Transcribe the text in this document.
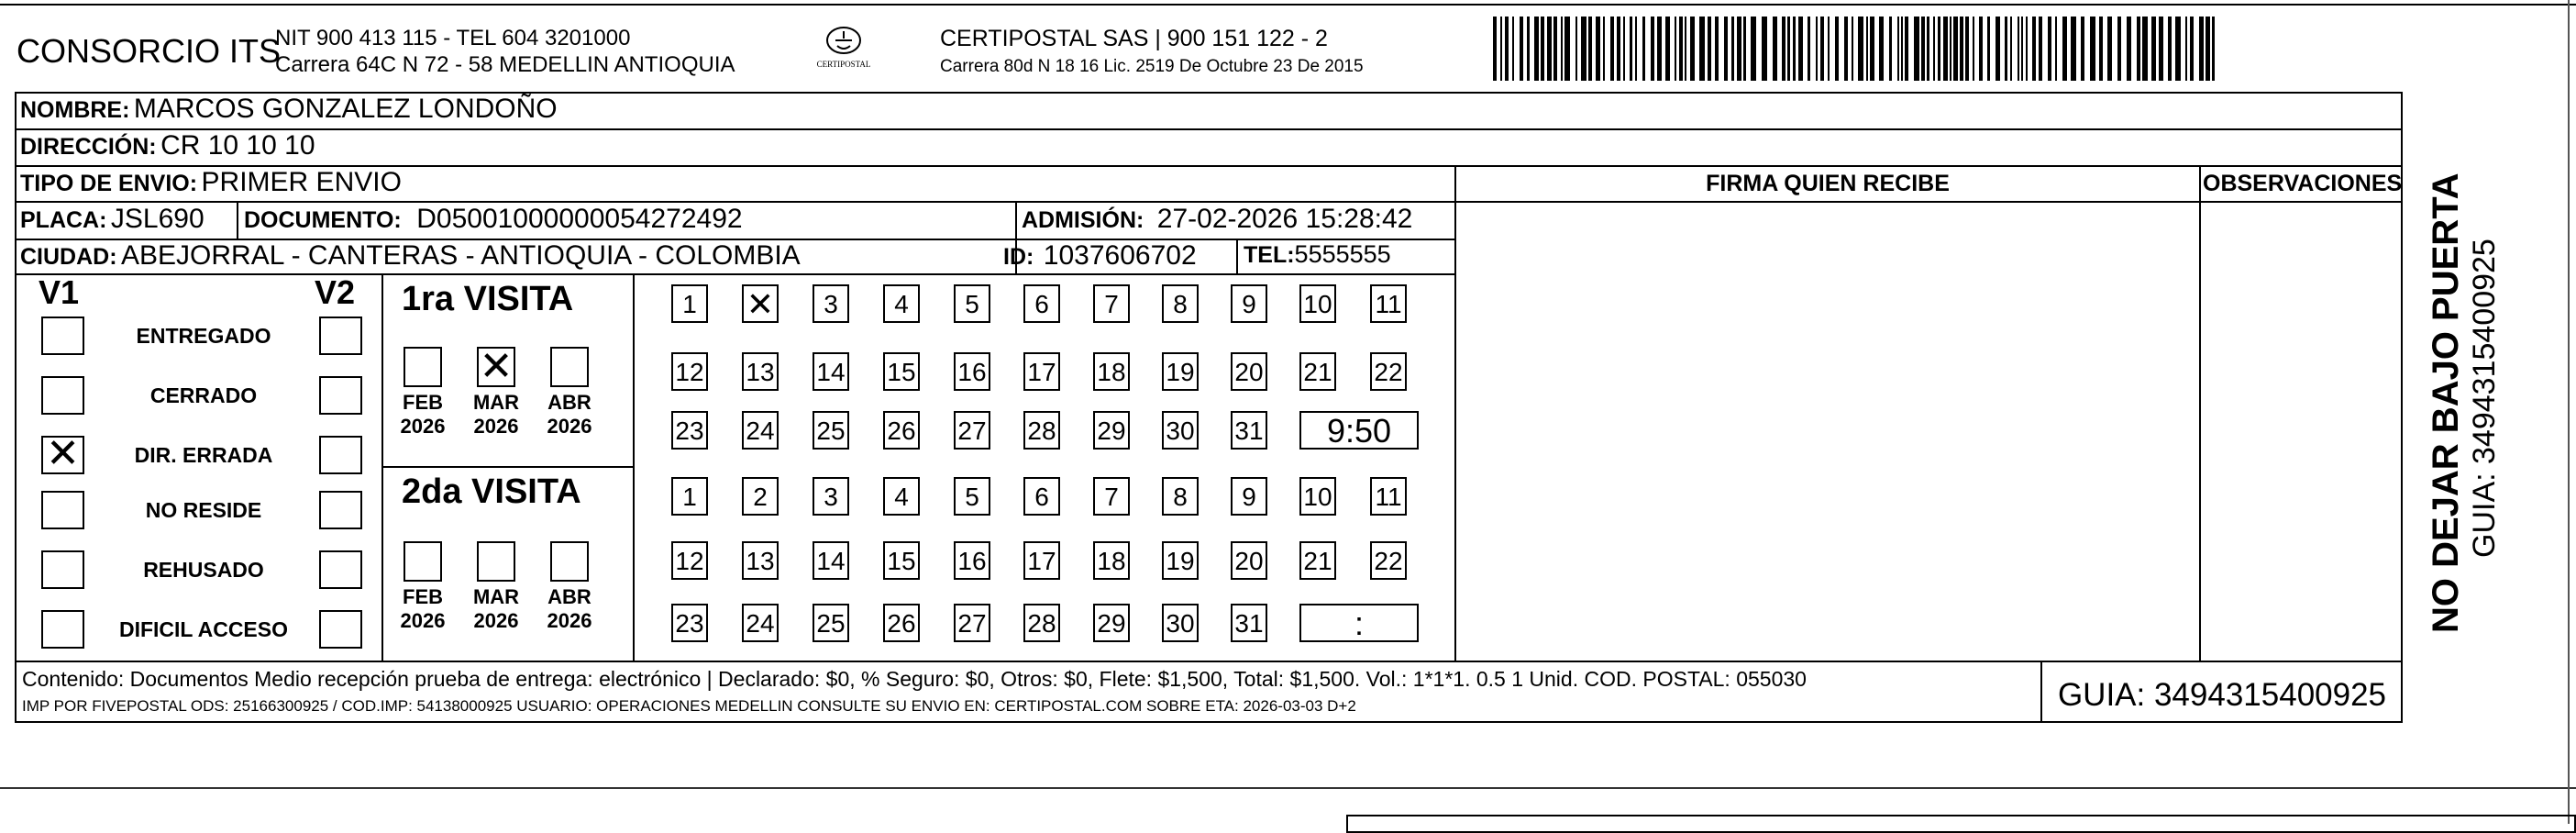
CONSORCIO ITS
NIT 900 413 115 - TEL 604 3201000
Carrera 64C N 72 - 58 MEDELLIN ANTIOQUIA	CERTIPOSTAL
CERTIPOSTAL SAS | 900 151 122 - 2
Carrera 80d N 18 16 Lic. 2519 De Octubre 23 De 2015
NOMBRE: MARCOS GONZALEZ LONDOÑO
DIRECCIÓN: CR 10 10 10
TIPO DE ENVIO: PRIMER ENVIO
PLACA: JSL690 DOCUMENTO: D05001000000054272492	ADMISIÓN: 27-02-2026 15:28:42
CIUDAD: ABEJORRAL - CANTERAS - ANTIOQUIA - COLOMBIA	ID: 1037606702 TEL:5555555
FIRMA QUIEN RECIBE	OBSERVACIONES
V1	V2
ENTREGADO
CERRADO
✕	DIR. ERRADA
NO RESIDE
REHUSADO
DIFICIL ACCESO
1ra VISITA
FEB
2026
✕
MAR
2026
ABR
2026
1	✕	3	4	5	6	7	8	9	10 11
12 13 14 15 16 17 18 19 20 21 22
23 24 25 26 27 28 29 30 31	9:50
2da VISITA
FEB
2026
MAR
2026
ABR
2026
1	2	3	4	5	6	7	8	9	10 11
12 13 14 15 16 17 18 19 20 21 22
23 24 25 26 27 28 29 30 31	:
Contenido: Documentos Medio recepción prueba de entrega: electrónico | Declarado: $0, % Seguro: $0, Otros: $0, Flete: $1,500, Total: $1,500. Vol.: 1*1*1. 0.5 1 Unid. COD. POSTAL: 055030
IMP POR FIVEPOSTAL ODS: 25166300925 / COD.IMP: 54138000925 USUARIO: OPERACIONES MEDELLIN CONSULTE SU ENVIO EN: CERTIPOSTAL.COM SOBRE ETA: 2026-03-03 D+2	GUIA: 3494315400925
NO DEJAR BAJO PUERTA GUIA: 3494315400925
